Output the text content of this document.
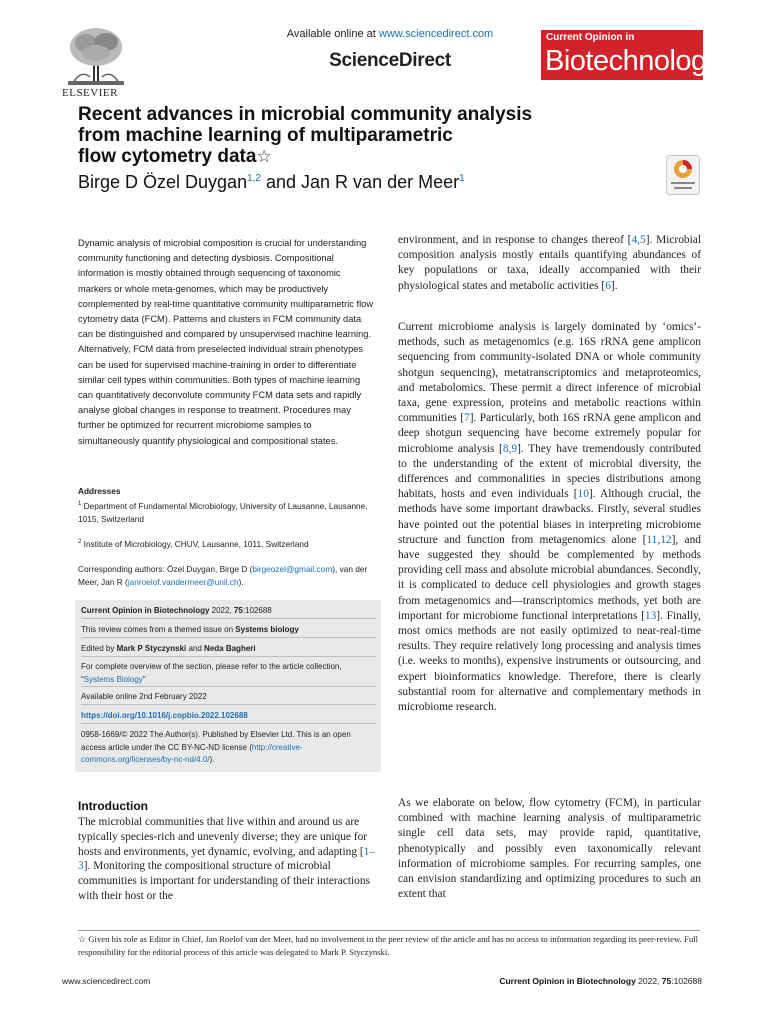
ELSEVIER
Available online at www.sciencedirect.com
ScienceDirect
Current Opinion in
Biotechnology
Recent advances in microbial community analysis
from machine learning of multiparametric
flow cytometry data☆
Birge D Özel Duygan$^{1,2}$ and Jan R van der Meer$^1$
Dynamic analysis of microbial composition is crucial for understanding community functioning and detecting dysbiosis. Compositional information is mostly obtained through sequencing of taxonomic markers or whole meta-genomes, which may be productively complemented by real-time quantitative community multiparametric flow cytometry data (FCM). Patterns and clusters in FCM community data can be distinguished and compared by unsupervised machine learning. Alternatively, FCM data from preselected individual strain phenotypes can be used for supervised machine-training in order to differentiate similar cell types within communities. Both types of machine learning can quantitatively deconvolute community FCM data sets and rapidly analyse global changes in response to treatment. Procedures may further be optimized for recurrent microbiome samples to simultaneously quantify physiological and compositional states.
Addresses

$^1$ Department of Fundamental Microbiology, University of Lausanne, Lausanne, 1015, Switzerland

$^2$ Institute of Microbiology, CHUV, Lausanne, 1011, Switzerland

Corresponding authors: Özel Duygan, Birge D (birgeozel@gmail.com), van der Meer, Jan R (janroelof.vandermeer@unil.ch).

Current Opinion in Biotechnology 2022, 75:102688
This review comes from a themed issue on Systems biology
Edited by Mark P Styczynski and Neda Bagheri
For complete overview of the section, please refer to the article collection, “Systems Biology”
Available online 2nd February 2022
https://doi.org/10.1016/j.copbio.2022.102688
0958-1669/© 2022 The Author(s). Published by Elsevier Ltd. This is an open access article under the CC BY-NC-ND license (http://creative-commons.org/licenses/by-nc-nd/4.0/).
Introduction
The microbial communities that live within and around us are typically species-rich and unevenly diverse; they are unique for hosts and environments, yet dynamic, evolving, and adapting [1–3]. Monitoring the compositional structure of microbial communities is important for understanding of their interactions with their host or the
environment, and in response to changes thereof [4,5]. Microbial composition analysis mostly entails quantifying abundances of key populations or taxa, ideally accompanied with their physiological states and metabolic activities [6].
Current microbiome analysis is largely dominated by ‘omics’-methods, such as metagenomics (e.g. 16S rRNA gene amplicon sequencing from community-isolated DNA or whole community shotgun sequencing), metatranscriptomics and metaproteomics, and metabolomics. These permit a direct inference of microbial taxa, gene expression, proteins and metabolic reactions within communities [7]. Particularly, both 16S rRNA gene amplicon and deep shotgun sequencing have become extremely popular for microbiome analysis [8,9]. They have tremendously contributed to the understanding of the extent of microbial diversity, the differences and commonalities in species distributions among habitats, hosts and even individuals [10]. Although crucial, the methods have some important drawbacks. Firstly, several studies have pointed out the potential biases in interpreting microbiome structure and function from metagenomics alone [11,12], and have suggested they should be complemented by methods providing cell mass and absolute microbial abundances. Secondly, it is complicated to deduce cell physiologies and growth stages from metagenomics and—transcriptomics methods, yet both are important for microbiome functional interpretations [13]. Finally, most omics methods are not easily optimized to near-real-time results. They require relatively long processing and analysis times (i.e. weeks to months), expensive instruments or outsourcing, and expert bioinformatics knowledge. Therefore, there is clearly substantial room for alternative and complementary methods in microbiome research.
As we elaborate on below, flow cytometry (FCM), in particular combined with machine learning analysis of multiparametric single cell data sets, may provide rapid, quantitative, phenotypically and possibly even taxonomically relevant information of microbiome samples. For recurring samples, one can envision standardizing and optimizing procedures to such an extent that
☆ Given his role as Editor in Chief, Jan Roelof van der Meer, had no involvement in the peer review of the article and has no access to information regarding its peer-review. Full responsibility for the editorial process of this article was delegated to Mark P. Styczynski.
www.sciencedirect.com	Current Opinion in Biotechnology 2022, 75:102688
